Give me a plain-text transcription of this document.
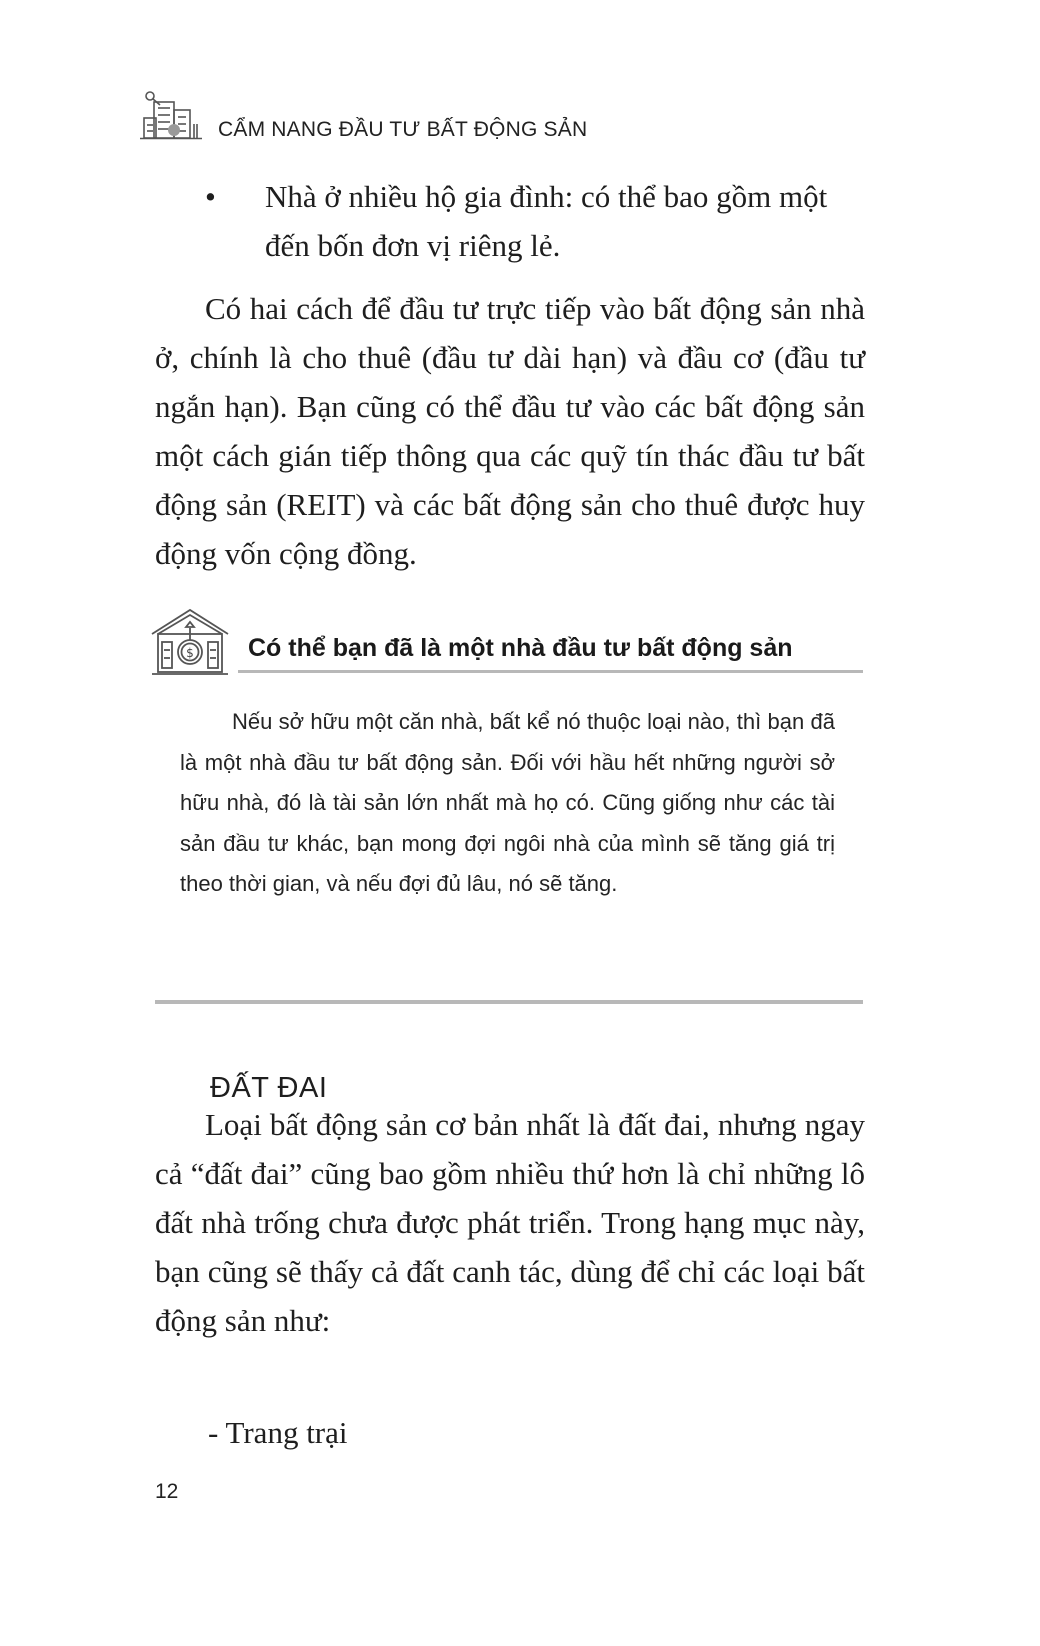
CẨM NANG ĐẦU TƯ BẤT ĐỘNG SẢN
•	Nhà ở nhiều hộ gia đình: có thể bao gồm một đến bốn đơn vị riêng lẻ.

Có hai cách để đầu tư trực tiếp vào bất động sản nhà ở, chính là cho thuê (đầu tư dài hạn) và đầu cơ (đầu tư ngắn hạn). Bạn cũng có thể đầu tư vào các bất động sản một cách gián tiếp thông qua các quỹ tín thác đầu tư bất động sản (REIT) và các bất động sản cho thuê được huy động vốn cộng đồng.

$ Có thể bạn đã là một nhà đầu tư bất động sản

Nếu sở hữu một căn nhà, bất kể nó thuộc loại nào, thì bạn đã là một nhà đầu tư bất động sản. Đối với hầu hết những người sở hữu nhà, đó là tài sản lớn nhất mà họ có. Cũng giống như các tài sản đầu tư khác, bạn mong đợi ngôi nhà của mình sẽ tăng giá trị theo thời gian, và nếu đợi đủ lâu, nó sẽ tăng.

ĐẤT ĐAI

Loại bất động sản cơ bản nhất là đất đai, nhưng ngay cả “đất đai” cũng bao gồm nhiều thứ hơn là chỉ những lô đất nhà trống chưa được phát triển. Trong hạng mục này, bạn cũng sẽ thấy cả đất canh tác, dùng để chỉ các loại bất động sản như:

- Trang trại
12
